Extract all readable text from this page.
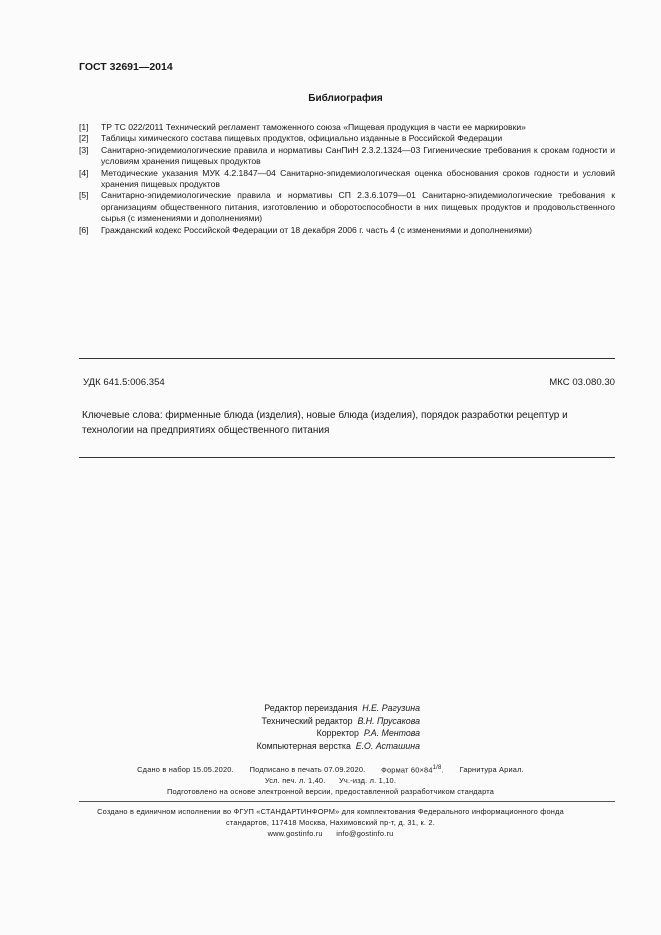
ГОСТ 32691—2014
Библиография
[1]	ТР ТС 022/2011 Технический регламент таможенного союза «Пищевая продукция в части ее маркировки»
[2]	Таблицы химического состава пищевых продуктов, официально изданные в Российской Федерации
[3]	Санитарно-эпидемиологические правила и нормативы СанПиН 2.3.2.1324—03 Гигиенические требования к срокам годности и условиям хранения пищевых продуктов
[4]	Методические указания МУК 4.2.1847—04 Санитарно-эпидемиологическая оценка обоснования сроков годности и условий хранения пищевых продуктов
[5]	Санитарно-эпидемиологические правила и нормативы СП 2.3.6.1079—01 Санитарно-эпидемиологические требования к организациям общественного питания, изготовлению и оборотоспособности в них пищевых продуктов и продовольственного сырья (с изменениями и дополнениями)
[6]	Гражданский кодекс Российской Федерации от 18 декабря 2006 г. часть 4 (с изменениями и дополнениями)
УДК 641.5:006.354	МКС 03.080.30
Ключевые слова: фирменные блюда (изделия), новые блюда (изделия), порядок разработки рецептур и технологии на предприятиях общественного питания
Редактор переиздания Н.Е. Рагузина
Технический редактор В.Н. Прусакова
Корректор Р.А. Ментова
Компьютерная верстка Е.О. Асташина
Сдано в набор 15.05.2020. Подписано в печать 07.09.2020. Формат $60\times 84^{1/8}$. Гарнитура Ариал.
Усл. печ. л. 1,40. Уч.-изд. л. 1,10.
Подготовлено на основе электронной версии, предоставленной разработчиком стандарта
Создано в единичном исполнении во ФГУП «СТАНДАРТИНФОРМ» для комплектования Федерального информационного фонда
стандартов, 117418 Москва, Нахимовский пр-т, д. 31, к. 2.
www.gostinfo.ru info@gostinfo.ru
